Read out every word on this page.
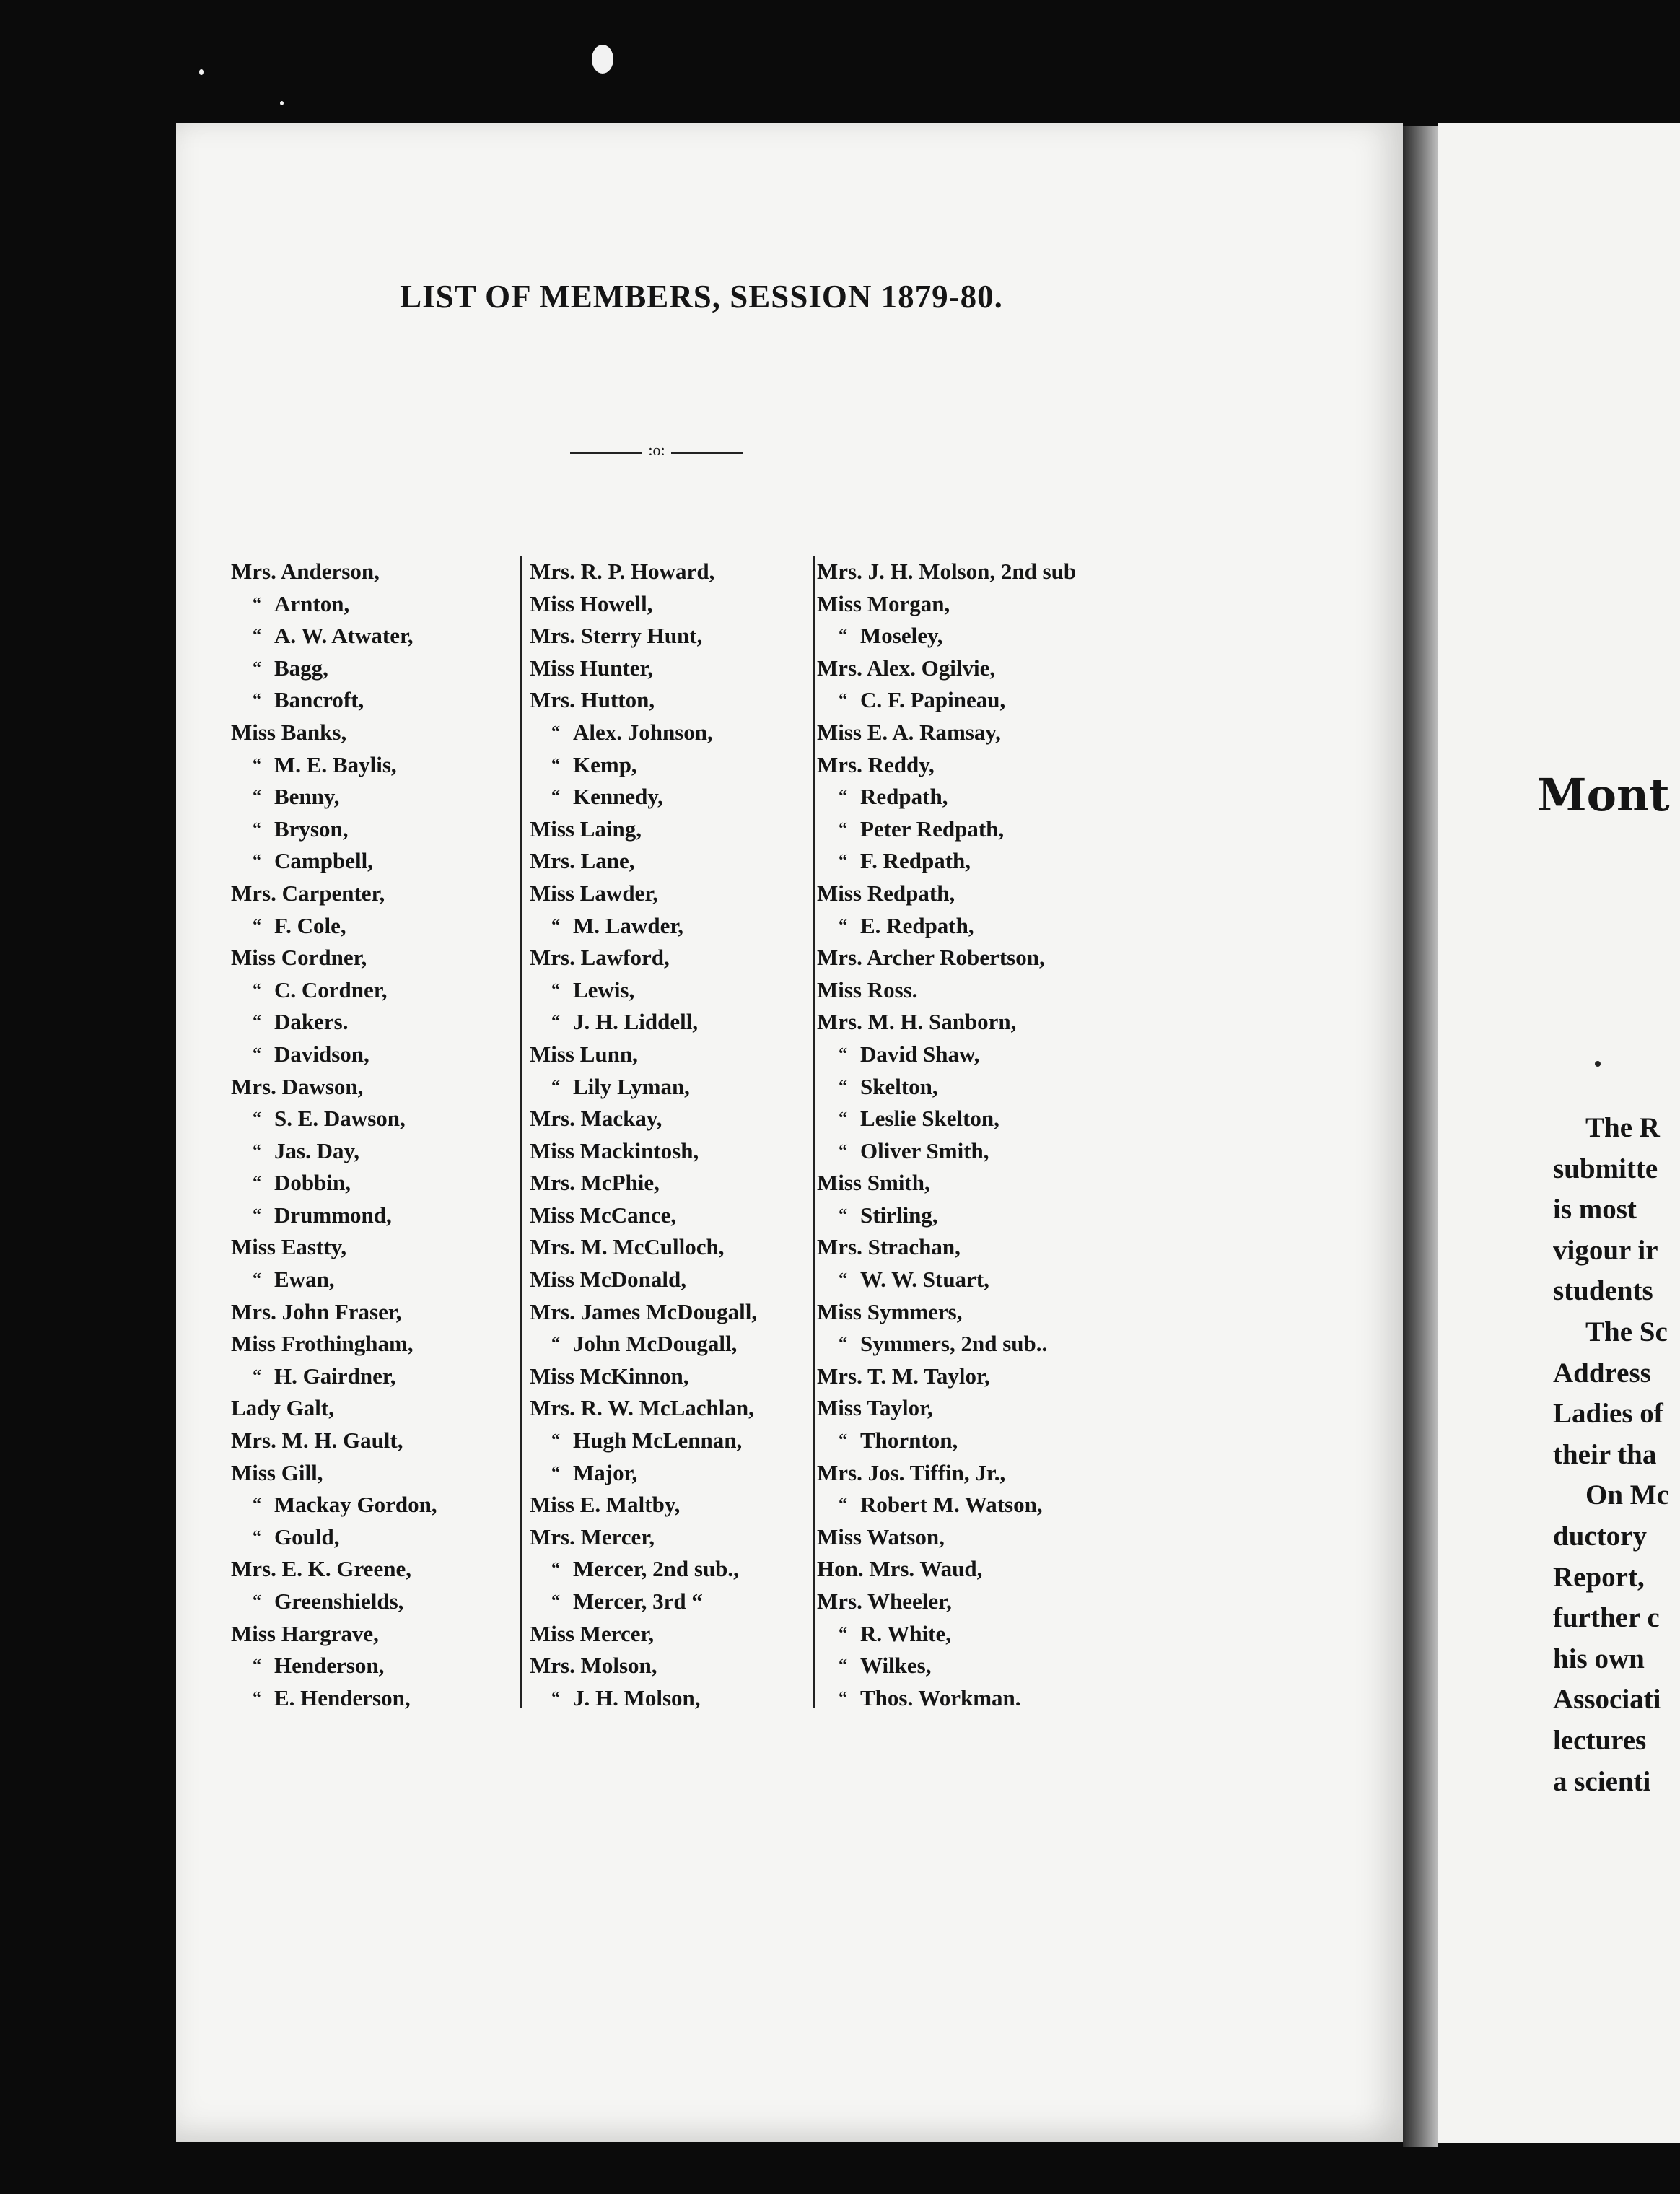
LIST OF MEMBERS, SESSION 1879-80.
:o:
Mrs. Anderson,
“ Arnton,
“ A. W. Atwater,
“ Bagg,
“ Bancroft,
Miss Banks,
“ M. E. Baylis,
“ Benny,
“ Bryson,
“ Campbell,
Mrs. Carpenter,
“ F. Cole,
Miss Cordner,
“ C. Cordner,
“ Dakers.
“ Davidson,
Mrs. Dawson,
“ S. E. Dawson,
“ Jas. Day,
“ Dobbin,
“ Drummond,
Miss Eastty,
“ Ewan,
Mrs. John Fraser,
Miss Frothingham,
“ H. Gairdner,
Lady Galt,
Mrs. M. H. Gault,
Miss Gill,
“ Mackay Gordon,
“ Gould,
Mrs. E. K. Greene,
“ Greenshields,
Miss Hargrave,
“ Henderson,
“ E. Henderson,
Mrs. R. P. Howard,
Miss Howell,
Mrs. Sterry Hunt,
Miss Hunter,
Mrs. Hutton,
“ Alex. Johnson,
“ Kemp,
“ Kennedy,
Miss Laing,
Mrs. Lane,
Miss Lawder,
“ M. Lawder,
Mrs. Lawford,
“ Lewis,
“ J. H. Liddell,
Miss Lunn,
“ Lily Lyman,
Mrs. Mackay,
Miss Mackintosh,
Mrs. McPhie,
Miss McCance,
Mrs. M. McCulloch,
Miss McDonald,
Mrs. James McDougall,
“ John McDougall,
Miss McKinnon,
Mrs. R. W. McLachlan,
“ Hugh McLennan,
“ Major,
Miss E. Maltby,
Mrs. Mercer,
“ Mercer, 2nd sub.,
“ Mercer, 3rd “
Miss Mercer,
Mrs. Molson,
“ J. H. Molson,
Mrs. J. H. Molson, 2nd sub
Miss Morgan,
“ Moseley,
Mrs. Alex. Ogilvie,
“ C. F. Papineau,
Miss E. A. Ramsay,
Mrs. Reddy,
“ Redpath,
“ Peter Redpath,
“ F. Redpath,
Miss Redpath,
“ E. Redpath,
Mrs. Archer Robertson,
Miss Ross.
Mrs. M. H. Sanborn,
“ David Shaw,
“ Skelton,
“ Leslie Skelton,
“ Oliver Smith,
Miss Smith,
“ Stirling,
Mrs. Strachan,
“ W. W. Stuart,
Miss Symmers,
“ Symmers, 2nd sub..
Mrs. T. M. Taylor,
Miss Taylor,
“ Thornton,
Mrs. Jos. Tiffin, Jr.,
“ Robert M. Watson,
Miss Watson,
Hon. Mrs. Waud,
Mrs. Wheeler,
“ R. White,
“ Wilkes,
“ Thos. Workman.
Mont
The R
submitte
is most
vigour ir
students
The Sc
Address
Ladies of
their tha
On Mc
ductory
Report,
further c
his own
Associati
lectures
a scienti
